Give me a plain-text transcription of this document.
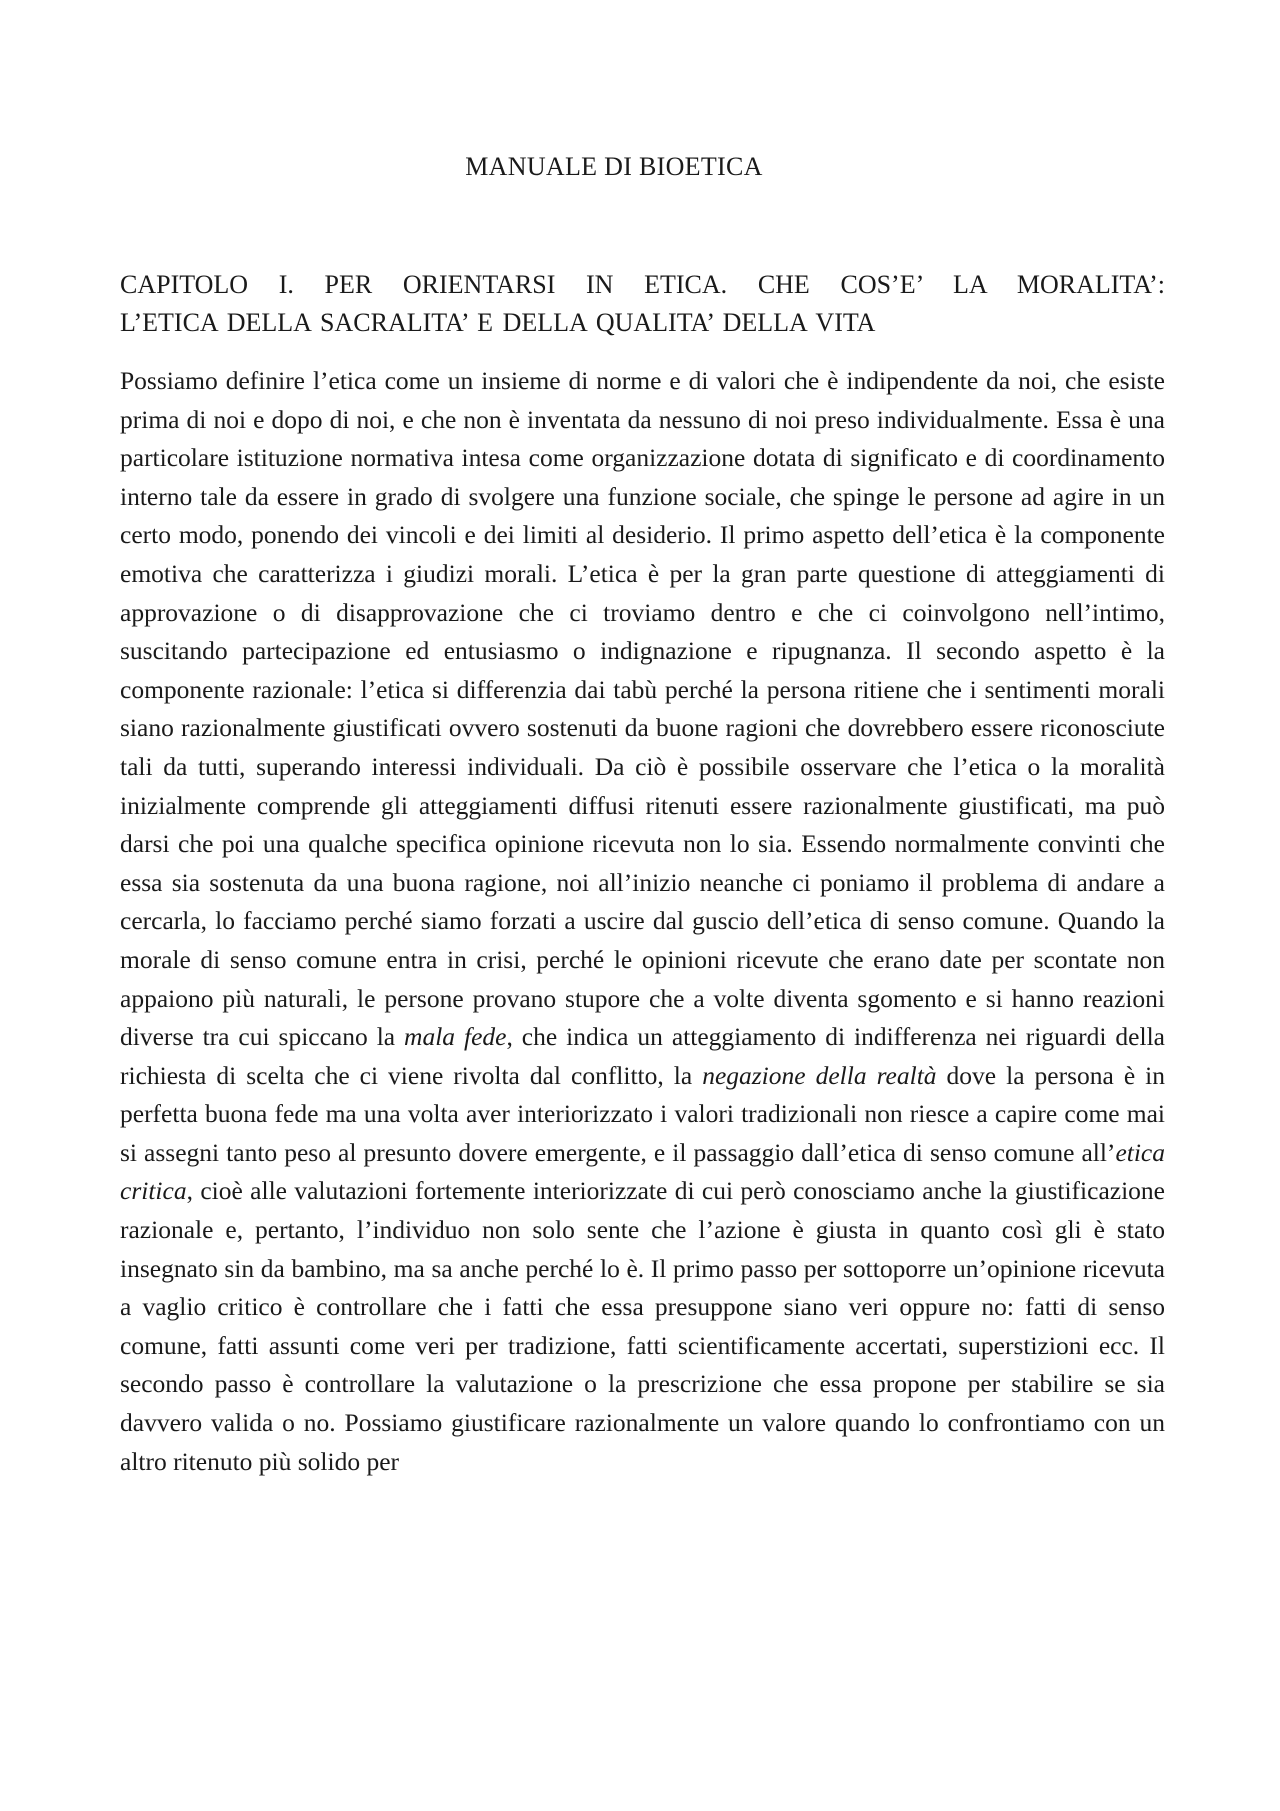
MANUALE DI BIOETICA
CAPITOLO I. PER ORIENTARSI IN ETICA. CHE COS’E’ LA MORALITA’:
L’ETICA DELLA SACRALITA’ E DELLA QUALITA’ DELLA VITA

Possiamo definire l’etica come un insieme di norme e di valori che è indipendente da noi, che esiste prima di noi e dopo di noi, e che non è inventata da nessuno di noi preso individualmente. Essa è una particolare istituzione normativa intesa come organizzazione dotata di significato e di coordinamento interno tale da essere in grado di svolgere una funzione sociale, che spinge le persone ad agire in un certo modo, ponendo dei vincoli e dei limiti al desiderio. Il primo aspetto dell’etica è la componente emotiva che caratterizza i giudizi morali. L’etica è per la gran parte questione di atteggiamenti di approvazione o di disapprovazione che ci troviamo dentro e che ci coinvolgono nell’intimo, suscitando partecipazione ed entusiasmo o indignazione e ripugnanza. Il secondo aspetto è la componente razionale: l’etica si differenzia dai tabù perché la persona ritiene che i sentimenti morali siano razionalmente giustificati ovvero sostenuti da buone ragioni che dovrebbero essere riconosciute tali da tutti, superando interessi individuali. Da ciò è possibile osservare che l’etica o la moralità inizialmente comprende gli atteggiamenti diffusi ritenuti essere razionalmente giustificati, ma può darsi che poi una qualche specifica opinione ricevuta non lo sia. Essendo normalmente convinti che essa sia sostenuta da una buona ragione, noi all’inizio neanche ci poniamo il problema di andare a cercarla, lo facciamo perché siamo forzati a uscire dal guscio dell’etica di senso comune. Quando la morale di senso comune entra in crisi, perché le opinioni ricevute che erano date per scontate non appaiono più naturali, le persone provano stupore che a volte diventa sgomento e si hanno reazioni diverse tra cui spiccano la mala fede, che indica un atteggiamento di indifferenza nei riguardi della richiesta di scelta che ci viene rivolta dal conflitto, la negazione della realtà dove la persona è in perfetta buona fede ma una volta aver interiorizzato i valori tradizionali non riesce a capire come mai si assegni tanto peso al presunto dovere emergente, e il passaggio dall’etica di senso comune all’etica critica, cioè alle valutazioni fortemente interiorizzate di cui però conosciamo anche la giustificazione razionale e, pertanto, l’individuo non solo sente che l’azione è giusta in quanto così gli è stato insegnato sin da bambino, ma sa anche perché lo è. Il primo passo per sottoporre un’opinione ricevuta a vaglio critico è controllare che i fatti che essa presuppone siano veri oppure no: fatti di senso comune, fatti assunti come veri per tradizione, fatti scientificamente accertati, superstizioni ecc. Il secondo passo è controllare la valutazione o la prescrizione che essa propone per stabilire se sia davvero valida o no. Possiamo giustificare razionalmente un valore quando lo confrontiamo con un altro ritenuto più solido per
